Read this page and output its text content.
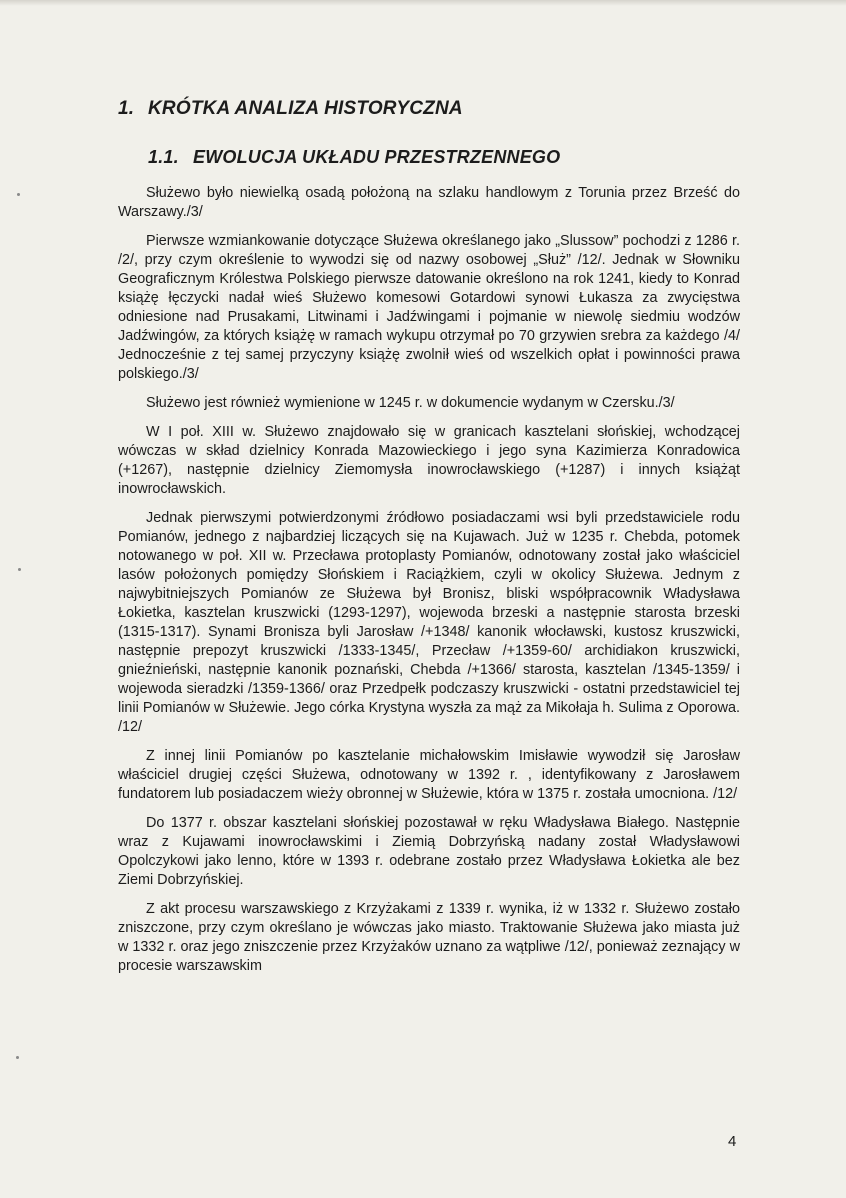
1. KRÓTKA ANALIZA HISTORYCZNA
1.1. EWOLUCJA UKŁADU PRZESTRZENNEGO

Służewo było niewielką osadą położoną na szlaku handlowym z Torunia przez Brześć do Warszawy./3/

Pierwsze wzmiankowanie dotyczące Służewa określanego jako „Slussow” pochodzi z 1286 r. /2/, przy czym określenie to wywodzi się od nazwy osobowej „Służ” /12/. Jednak w Słowniku Geograficznym Królestwa Polskiego pierwsze datowanie określono na rok 1241, kiedy to Konrad książę łęczycki nadał wieś Służewo komesowi Gotardowi synowi Łukasza za zwycięstwa odniesione nad Prusakami, Litwinami i Jadźwingami i pojmanie w niewolę siedmiu wodzów Jadźwingów, za których książę w ramach wykupu otrzymał po 70 grzywien srebra za każdego /4/ Jednocześnie z tej samej przyczyny książę zwolnił wieś od wszelkich opłat i powinności prawa polskiego./3/

Służewo jest również wymienione w 1245 r. w dokumencie wydanym w Czersku./3/

W I poł. XIII w. Służewo znajdowało się w granicach kasztelani słońskiej, wchodzącej wówczas w skład dzielnicy Konrada Mazowieckiego i jego syna Kazimierza Konradowica (+1267), następnie dzielnicy Ziemomysła inowrocławskiego (+1287) i innych książąt inowrocławskich.

Jednak pierwszymi potwierdzonymi źródłowo posiadaczami wsi byli przedstawiciele rodu Pomianów, jednego z najbardziej liczących się na Kujawach. Już w 1235 r. Chebda, potomek notowanego w poł. XII w. Przecława protoplasty Pomianów, odnotowany został jako właściciel lasów położonych pomiędzy Słońskiem i Raciążkiem, czyli w okolicy Służewa. Jednym z najwybitniejszych Pomianów ze Służewa był Bronisz, bliski współpracownik Władysława Łokietka, kasztelan kruszwicki (1293-1297), wojewoda brzeski a następnie starosta brzeski (1315-1317). Synami Bronisza byli Jarosław /+1348/ kanonik włocławski, kustosz kruszwicki, następnie prepozyt kruszwicki /1333-1345/, Przecław /+1359-60/ archidiakon kruszwicki, gnieźnieński, następnie kanonik poznański, Chebda /+1366/ starosta, kasztelan /1345-1359/ i wojewoda sieradzki /1359-1366/ oraz Przedpełk podczaszy kruszwicki - ostatni przedstawiciel tej linii Pomianów w Służewie. Jego córka Krystyna wyszła za mąż za Mikołaja h. Sulima z Oporowa. /12/

Z innej linii Pomianów po kasztelanie michałowskim Imisławie wywodził się Jarosław właściciel drugiej części Służewa, odnotowany w 1392 r. , identyfikowany z Jarosławem fundatorem lub posiadaczem wieży obronnej w Służewie, która w 1375 r. została umocniona. /12/

Do 1377 r. obszar kasztelani słońskiej pozostawał w ręku Władysława Białego. Następnie wraz z Kujawami inowrocławskimi i Ziemią Dobrzyńską nadany został Władysławowi Opolczykowi jako lenno, które w 1393 r. odebrane zostało przez Władysława Łokietka ale bez Ziemi Dobrzyńskiej.

Z akt procesu warszawskiego z Krzyżakami z 1339 r. wynika, iż w 1332 r. Służewo zostało zniszczone, przy czym określano je wówczas jako miasto. Traktowanie Służewa jako miasta już w 1332 r. oraz jego zniszczenie przez Krzyżaków uznano za wątpliwe /12/, ponieważ zeznający w procesie warszawskim

4
